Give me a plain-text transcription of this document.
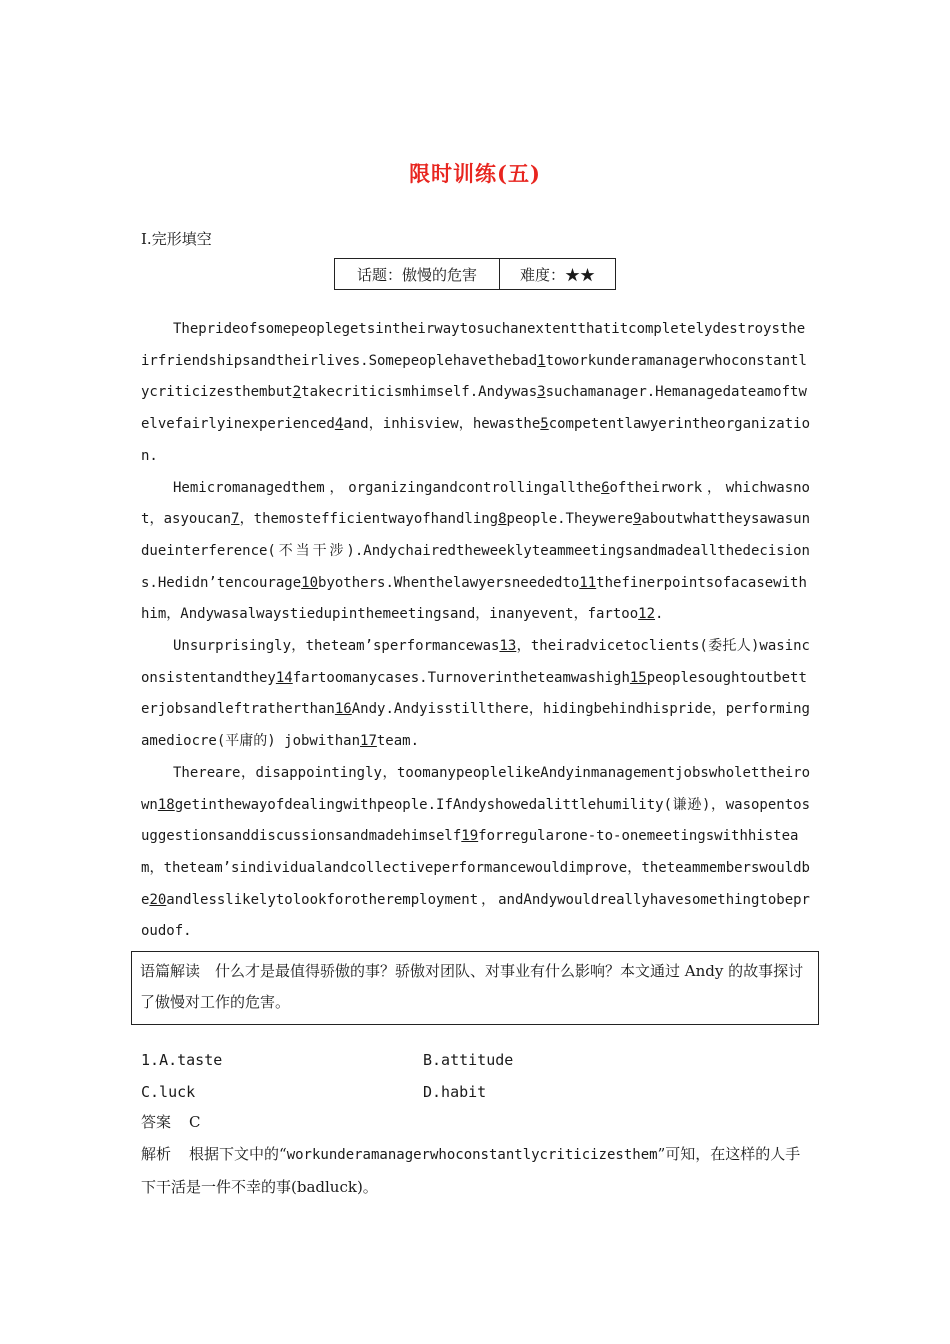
限时训练(五)
Ⅰ.完形填空
话题：傲慢的危害	难度：★★

Theprideofsomepeoplegetsintheirwaytosuchanextentthatitcompletelydestroystheirfriendshipsandtheirlives.Somepeoplehavethebad1toworkunderamanagerwhoconstantlycriticizesthembut2takecriticismhimself.Andywas3suchamanager.Hemanagedateamoftwelvefairlyinexperienced4and，inhisview，hewasthe5competentlawyerintheorganization.

Hemicromanagedthem，organizingandcontrollingallthe6oftheirwork，whichwasnot，asyoucan7，themostefficientwayofhandling8people.Theywere9aboutwhattheysawasundueinterference(不当干涉).Andychairedtheweeklyteammeetingsandmadeallthedecisions.Hedidn’tencourage10byothers.Whenthelawyersneededto11thefinerpointsofacasewithhim，Andywasalwaystiedupinthemeetingsand，inanyevent，fartoo12.

Unsurprisingly，theteam’sperformancewas13，theiradvicetoclients(委托人)wasinconsistentandthey14fartoomanycases.Turnoverintheteamwashigh15peoplesoughtoutbetterjobsandleftratherthan16Andy.Andyisstillthere，hidingbehindhispride，performingamediocre(平庸的) jobwithan17team.

Thereare，disappointingly，toomanypeoplelikeAndyinmanagementjobswholettheirown18getinthewayofdealingwithpeople.IfAndyshowedalittlehumility(谦逊)，wasopentosuggestionsanddiscussionsandmadehimself19forregularone-to-onemeetingswithhisteam，theteam’sindividualandcollectiveperformancewouldimprove，theteammemberswouldbe20andlesslikelytolookforotheremployment，andAndywouldreallyhavesomethingtobeproudof.

语篇解读　什么才是最值得骄傲的事？骄傲对团队、对事业有什么影响？本文通过 Andy 的故事探讨了傲慢对工作的危害。
1.A.taste	B.attitude
C.luck	D.habit
答案 C
解析 根据下文中的“workunderamanagerwhoconstantlycriticizesthem”可知，在这样的人手下干活是一件不幸的事(badluck)。
